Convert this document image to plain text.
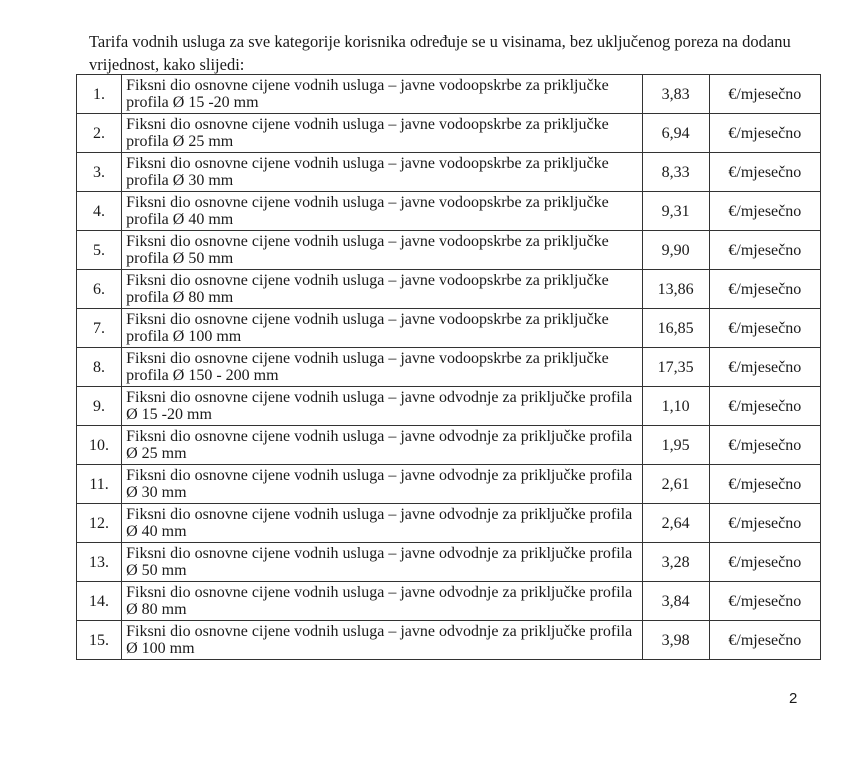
Tarifa vodnih usluga za sve kategorije korisnika određuje se u visinama, bez uključenog poreza na dodanu vrijednost, kako slijedi:

1.	Fiksni dio osnovne cijene vodnih usluga – javne vodoopskrbe za priključke profila Ø 15 -20 mm	3,83	€/mjesečno
2.	Fiksni dio osnovne cijene vodnih usluga – javne vodoopskrbe za priključke profila Ø 25 mm	6,94	€/mjesečno
3.	Fiksni dio osnovne cijene vodnih usluga – javne vodoopskrbe za priključke profila Ø 30 mm	8,33	€/mjesečno
4.	Fiksni dio osnovne cijene vodnih usluga – javne vodoopskrbe za priključke profila Ø 40 mm	9,31	€/mjesečno
5.	Fiksni dio osnovne cijene vodnih usluga – javne vodoopskrbe za priključke profila Ø 50 mm	9,90	€/mjesečno
6.	Fiksni dio osnovne cijene vodnih usluga – javne vodoopskrbe za priključke profila Ø 80 mm	13,86	€/mjesečno
7.	Fiksni dio osnovne cijene vodnih usluga – javne vodoopskrbe za priključke profila Ø 100 mm	16,85	€/mjesečno
8.	Fiksni dio osnovne cijene vodnih usluga – javne vodoopskrbe za priključke profila Ø 150 - 200 mm	17,35	€/mjesečno
9.	Fiksni dio osnovne cijene vodnih usluga – javne odvodnje za priključke profila Ø 15 -20 mm	1,10	€/mjesečno
10.	Fiksni dio osnovne cijene vodnih usluga – javne odvodnje za priključke profila Ø 25 mm	1,95	€/mjesečno
11.	Fiksni dio osnovne cijene vodnih usluga – javne odvodnje za priključke profila Ø 30 mm	2,61	€/mjesečno
12.	Fiksni dio osnovne cijene vodnih usluga – javne odvodnje za priključke profila Ø 40 mm	2,64	€/mjesečno
13.	Fiksni dio osnovne cijene vodnih usluga – javne odvodnje za priključke profila Ø 50 mm	3,28	€/mjesečno
14.	Fiksni dio osnovne cijene vodnih usluga – javne odvodnje za priključke profila Ø 80 mm	3,84	€/mjesečno
15.	Fiksni dio osnovne cijene vodnih usluga – javne odvodnje za priključke profila Ø 100 mm	3,98	€/mjesečno
2
